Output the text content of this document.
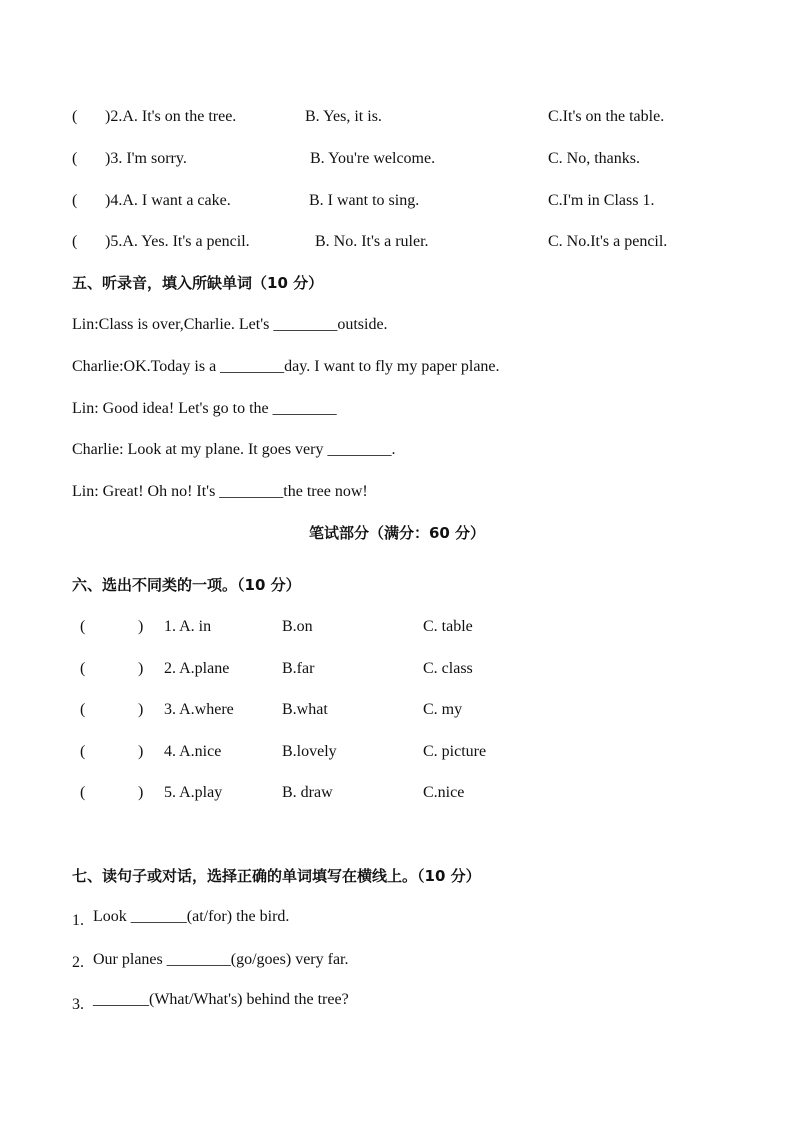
( )2.A. It's on the tree.	B. Yes, it is.	C.It's on the table.
( )3. I'm sorry.	B. You're welcome.	C. No, thanks.
( )4.A. I want a cake.	B. I want to sing.	C.I'm in Class 1.
( )5.A. Yes. It's a pencil.	B. No. It's a ruler.	C. No.It's a pencil.
五、听录音，填入所缺单词（10 分）
Lin:Class is over,Charlie. Let's ________outside.
Charlie:OK.Today is a ________day. I want to fly my paper plane.
Lin: Good idea! Let's go to the ________
Charlie: Look at my plane. It goes very ________.
Lin: Great! Oh no! It's ________the tree now!
笔试部分（满分：60 分）
六、选出不同类的一项。（10 分）
(	) 1. A. in	B.on	C. table
(	) 2. A.plane	B.far	C. class
(	) 3. A.where	B.what	C. my
(	) 4. A.nice	B.lovely	C. picture
(	) 5. A.play	B. draw	C.nice
七、读句子或对话，选择正确的单词填写在横线上。（10 分）
1. Look _______(at/for) the bird.
2. Our planes ________(go/goes) very far.
3. _______(What/What's) behind the tree?
